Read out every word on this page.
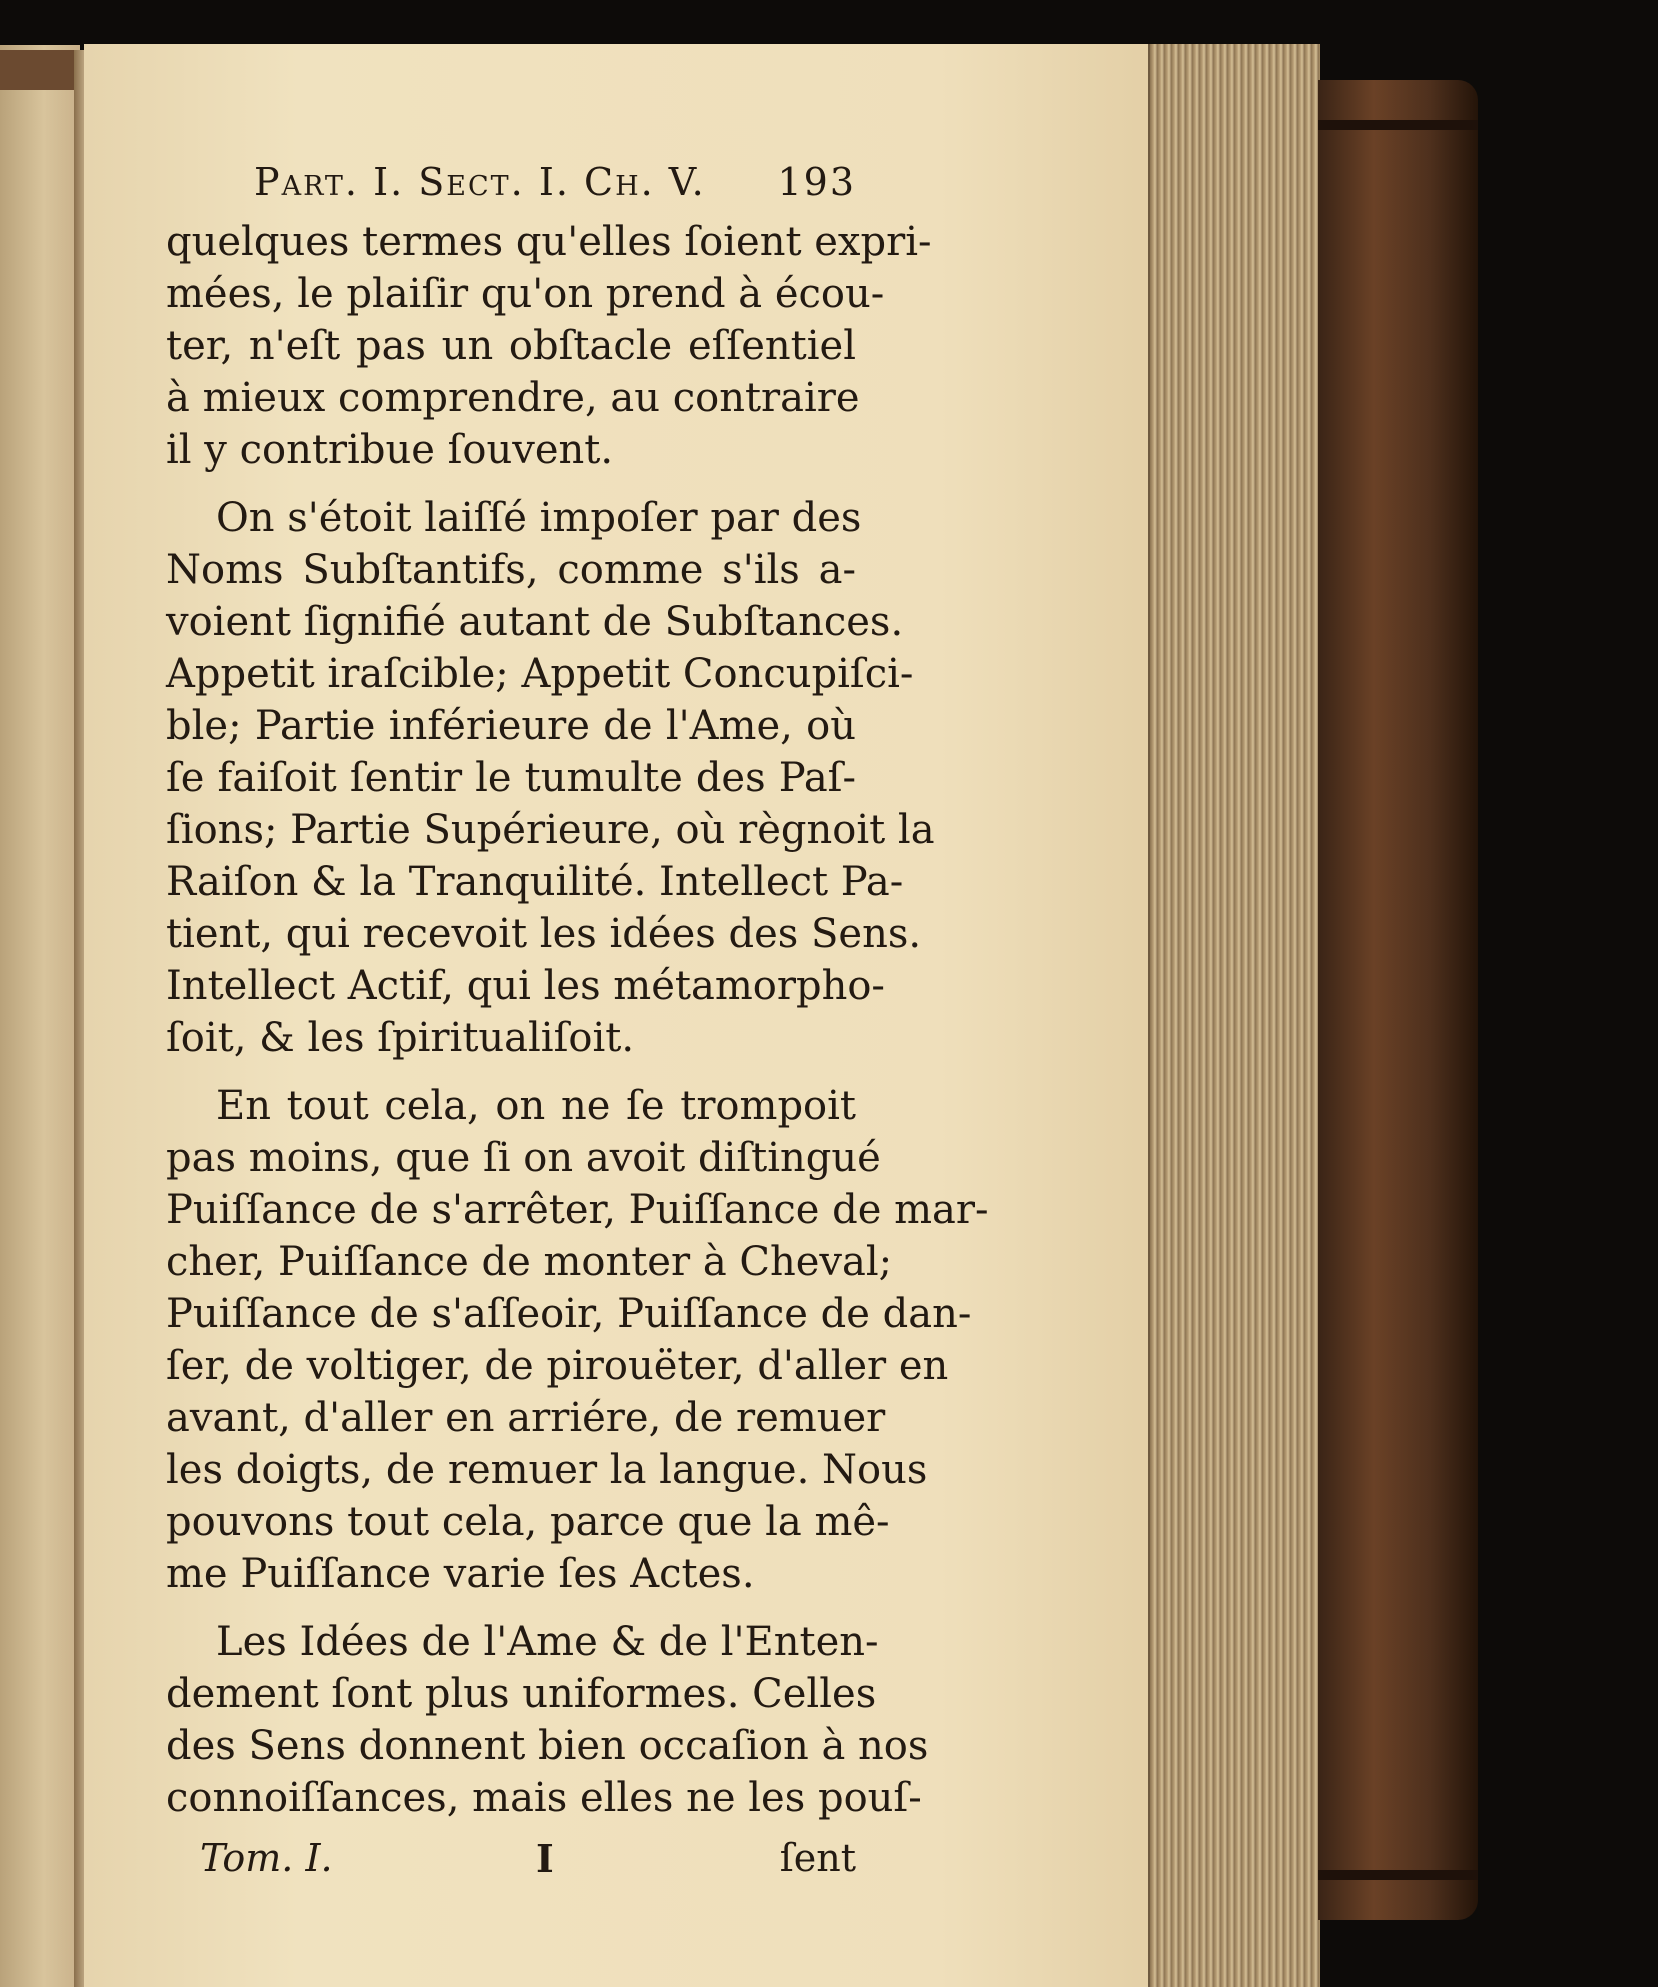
Part. I. Sect. I. Ch. V. 193
quelques termes qu'elles ſoient expri-
mées, le plaiſir qu'on prend à écou-
ter, n'eſt pas un obſtacle eſſentiel
à mieux comprendre, au contraire
il y contribue ſouvent.
On s'étoit laiſſé impoſer par des
Noms Subſtantifs, comme s'ils a-
voient ſignifié autant de Subſtances.
Appetit iraſcible; Appetit Concupiſci-
ble; Partie inférieure de l'Ame, où
ſe faiſoit ſentir le tumulte des Paſ-
ſions; Partie Supérieure, où règnoit la
Raiſon & la Tranquilité. Intellect Pa-
tient, qui recevoit les idées des Sens.
Intellect Actif, qui les métamorpho-
ſoit, & les ſpiritualiſoit.
En tout cela, on ne ſe trompoit
pas moins, que ſi on avoit diſtingué
Puiſſance de s'arrêter, Puiſſance de mar-
cher, Puiſſance de monter à Cheval;
Puiſſance de s'aſſeoir, Puiſſance de dan-
ſer, de voltiger, de pirouëter, d'aller en
avant, d'aller en arriére, de remuer
les doigts, de remuer la langue. Nous
pouvons tout cela, parce que la mê-
me Puiſſance varie ſes Actes.
Les Idées de l'Ame & de l'Enten-
dement ſont plus uniformes. Celles
des Sens donnent bien occaſion à nos
connoiſſances, mais elles ne les pouſ-
Tom. I.	I	ſent
